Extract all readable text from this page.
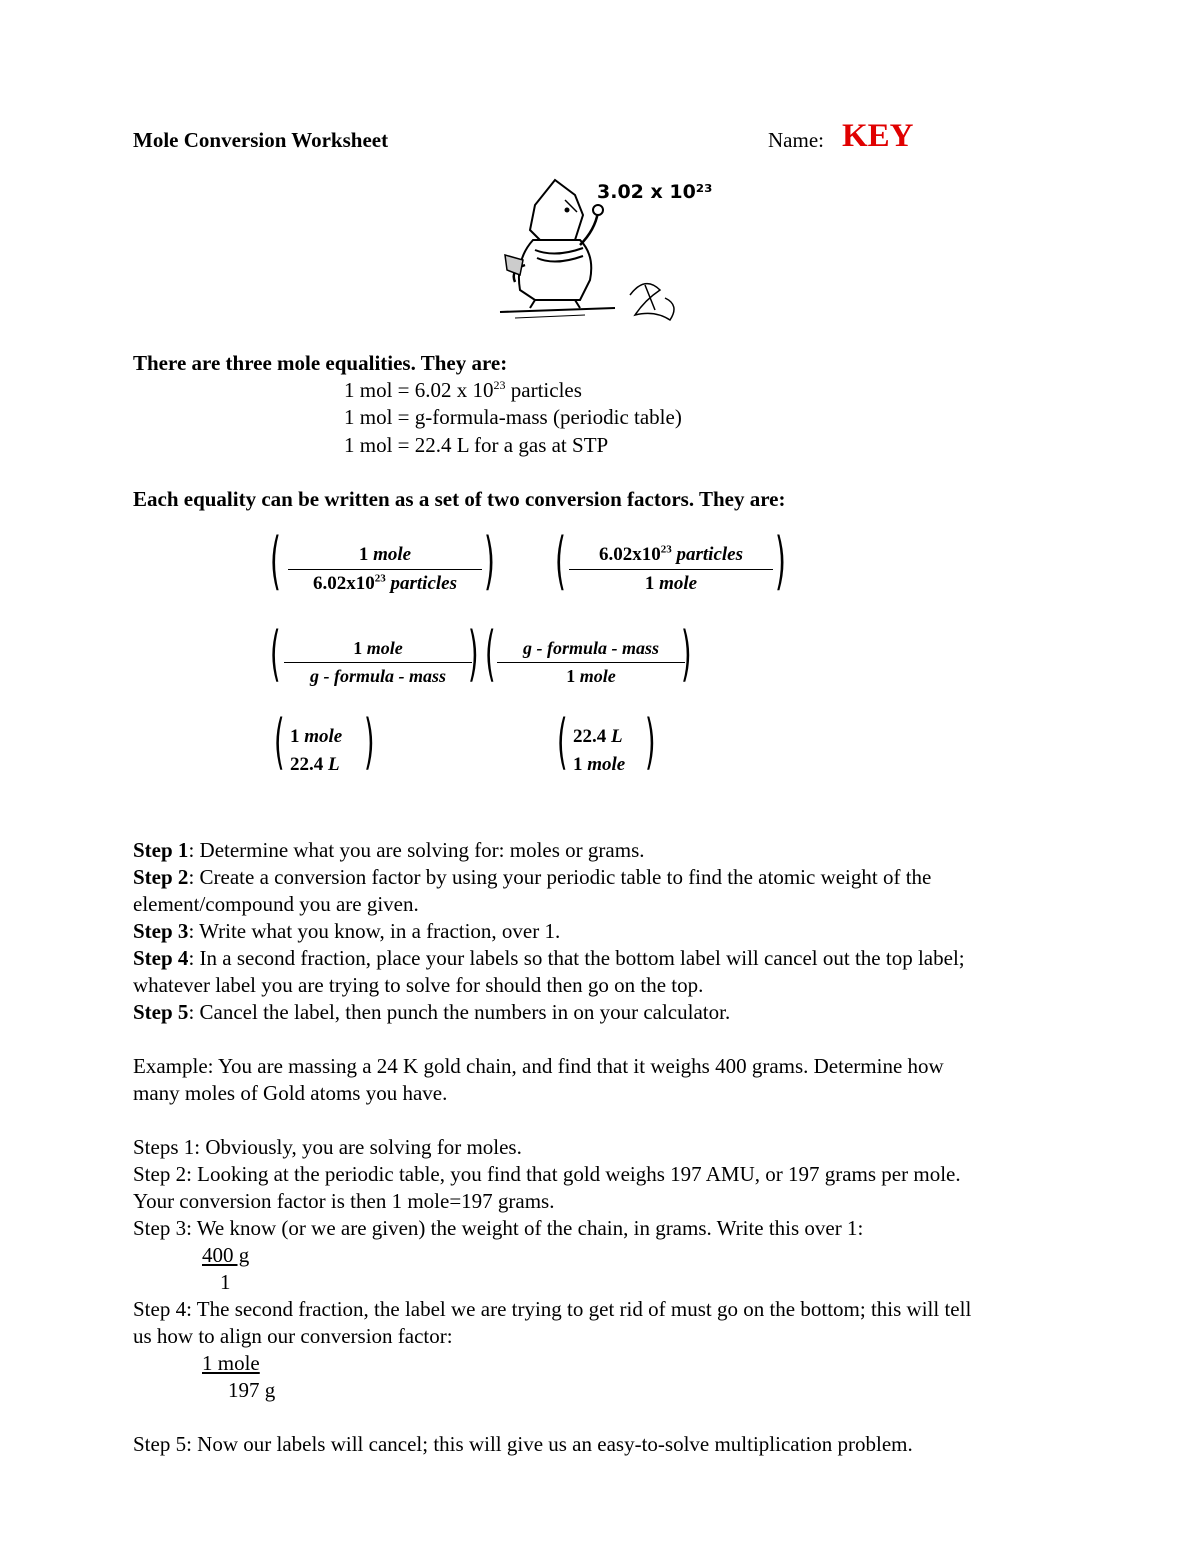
Mole Conversion Worksheet	Name: KEY
3.02 x 10²³
There are three mole equalities. They are:
1 mol = 6.02 x $10^{23}$ particles
1 mol = g-formula-mass (periodic table)
1 mol = 22.4 L for a gas at STP
Each equality can be written as a set of two conversion factors. They are:
(	1 mole
$6.02x10^{23}$ particles ) (	$6.02x10^{23}$ particles
1 mole	)
(	1 mole
g - formula - mass ) (	g - formula - mass
1 mole	)
( 1 mole
22.4 L )	( 22.4 L
1 mole )
Step 1: Determine what you are solving for: moles or grams.
Step 2: Create a conversion factor by using your periodic table to find the atomic weight of the
element/compound you are given.
Step 3: Write what you know, in a fraction, over 1.
Step 4: In a second fraction, place your labels so that the bottom label will cancel out the top label;
whatever label you are trying to solve for should then go on the top.
Step 5: Cancel the label, then punch the numbers in on your calculator.
Example: You are massing a 24 K gold chain, and find that it weighs 400 grams. Determine how
many moles of Gold atoms you have.
Steps 1: Obviously, you are solving for moles.
Step 2: Looking at the periodic table, you find that gold weighs 197 AMU, or 197 grams per mole.
Your conversion factor is then 1 mole=197 grams.
Step 3: We know (or we are given) the weight of the chain, in grams. Write this over 1:
400 g
1
Step 4: The second fraction, the label we are trying to get rid of must go on the bottom; this will tell
us how to align our conversion factor:
1 mole
197 g
Step 5: Now our labels will cancel; this will give us an easy-to-solve multiplication problem.
